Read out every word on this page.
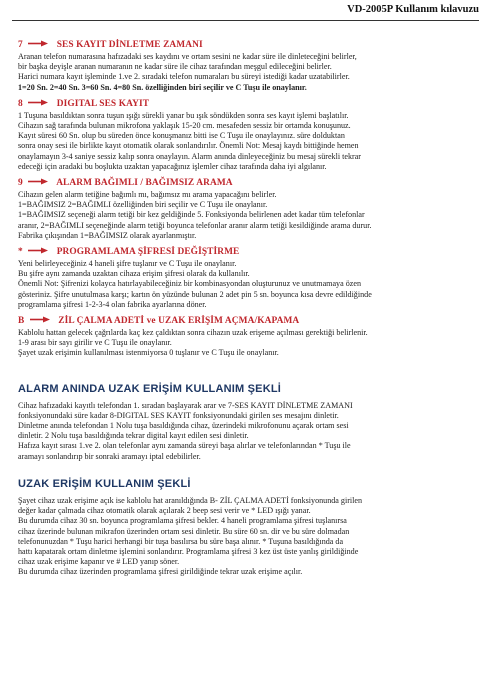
VD-2005P Kullanım kılavuzu
7	SES KAYIT DİNLETME ZAMANI

Aranan telefon numarasına hafızadaki ses kaydını ve ortam sesini ne kadar süre ile dinleteceğini belirler,

bir başka deyişle aranan numaranın ne kadar süre ile cihaz tarafından meşgul edileceğini belirler.

Harici numara kayıt işleminde 1.ve 2. sıradaki telefon numaraları bu süreyi istediği kadar uzatabilirler.

1=20 Sn. 2=40 Sn. 3=60 Sn. 4=80 Sn. özelliğinden biri seçilir ve C Tuşu ile onaylanır.

8	DIGITAL SES KAYIT

1 Tuşuna basıldıktan sonra tuşun ışığı sürekli yanar bu ışık söndükden sonra ses kayıt işlemi başlatılır.

Cihazın sağ tarafında bulunan mikrofona yaklaşık 15-20 cm. mesafeden sessiz bir ortamda konuşunuz.

Kayıt süresi 60 Sn. olup bu süreden önce konuşmanız bitti ise C Tuşu ile onaylayınız. süre dolduktan

sonra onay sesi ile birlikte kayıt otomatik olarak sonlandırılır. Önemli Not: Mesaj kaydı bittiğinde hemen

onaylamayın 3-4 saniye sessiz kalıp sonra onaylayın. Alarm anında dinleyeceğiniz bu mesaj sürekli tekrar

edeceği için aradaki bu boşlukta uzaktan yapacağınız işlemler cihaz tarafında daha iyi algılanır.

9	ALARM BAĞIMLI / BAĞIMSIZ ARAMA

Cihazın gelen alarm tetiğine bağımlı mı, bağımsız mı arama yapacağını belirler.

1=BAĞIMSIZ 2=BAĞIMLI özelliğinden biri seçilir ve C Tuşu ile onaylanır.

1=BAĞIMSIZ seçeneği alarm tetiği bir kez geldiğinde 5. Fonksiyonda belirlenen adet kadar tüm telefonlar

aranır, 2=BAĞIMLI seçeneğinde alarm tetiği boyunca telefonlar aranır alarm tetiği kesildiğinde arama durur.

Fabrika çıkışından 1=BAĞIMSIZ olarak ayarlanmıştır.

*	PROGRAMLAMA ŞİFRESİ DEĞİŞTİRME

Yeni belirleyeceğiniz 4 haneli şifre tuşlanır ve C Tuşu ile onaylanır.

Bu şifre aynı zamanda uzaktan cihaza erişim şifresi olarak da kullanılır.

Önemli Not: Şifrenizi kolayca hatırlayabileceğiniz bir kombinasyondan oluşturunuz ve unutmamaya özen

gösteriniz. Şifre unutulmasa karşı; kartın ön yüzünde bulunan 2 adet pin 5 sn. boyunca kısa devre edildiğinde

programlama şifresi 1-2-3-4 olan fabrika ayarlarına döner.

B	ZİL ÇALMA ADETİ ve UZAK ERİŞİM AÇMA/KAPAMA

Kablolu hattan gelecek çağrılarda kaç kez çaldıktan sonra cihazın uzak erişeme açılması gerektiği belirlenir.

1-9 arası bir sayı girilir ve C Tuşu ile onaylanır.

Şayet uzak erişimin kullanılması istenmiyorsa 0 tuşlanır ve C Tuşu ile onaylanır.

ALARM ANINDA UZAK ERİŞİM KULLANIM ŞEKLİ

Cihaz hafızadaki kayıtlı telefondan 1. sıradan başlayarak arar ve 7-SES KAYIT DİNLETME ZAMANI

fonksiyonundaki süre kadar 8-DIGITAL SES KAYIT fonksiyonundaki girilen ses mesajını dinletir.

Dinletme anında telefondan 1 Nolu tuşa basıldığında cihaz, üzerindeki mikrofonunu açarak ortam sesi

dinletir. 2 Nolu tuşa basıldığında tekrar digital kayıt edilen sesi dinletir.

Hafıza kayıt sırası 1.ve 2. olan telefonlar aynı zamanda süreyi başa alırlar ve telefonlarından * Tuşu ile

aramayı sonlandırıp bir sonraki aramayı iptal edebilirler.

UZAK ERİŞİM KULLANIM ŞEKLİ

Şayet cihaz uzak erişime açık ise kablolu hat aranıldığında B- ZİL ÇALMA ADETİ fonksiyonunda girilen

değer kadar çalmada cihaz otomatik olarak açılarak 2 beep sesi verir ve * LED ışığı yanar.

Bu durumda cihaz 30 sn. boyunca programlama şifresi bekler. 4 haneli programlama şifresi tuşlanırsa

cihaz üzerinde bulunan mikrafon üzerinden ortam sesi dinletir. Bu süre 60 sn. dir ve bu süre dolmadan

telefonunuzdan * Tuşu harici herhangi bir tuşa basılırsa bu süre başa alınır. * Tuşuna basıldığında da

hattı kapatarak ortam dinletme işlemini sonlandırır. Programlama şifresi 3 kez üst üste yanlış girildiğinde

cihaz uzak erişime kapanır ve # LED yanıp söner.

Bu durumda cihaz üzerinden programlama şifresi girildiğinde tekrar uzak erişime açılır.
